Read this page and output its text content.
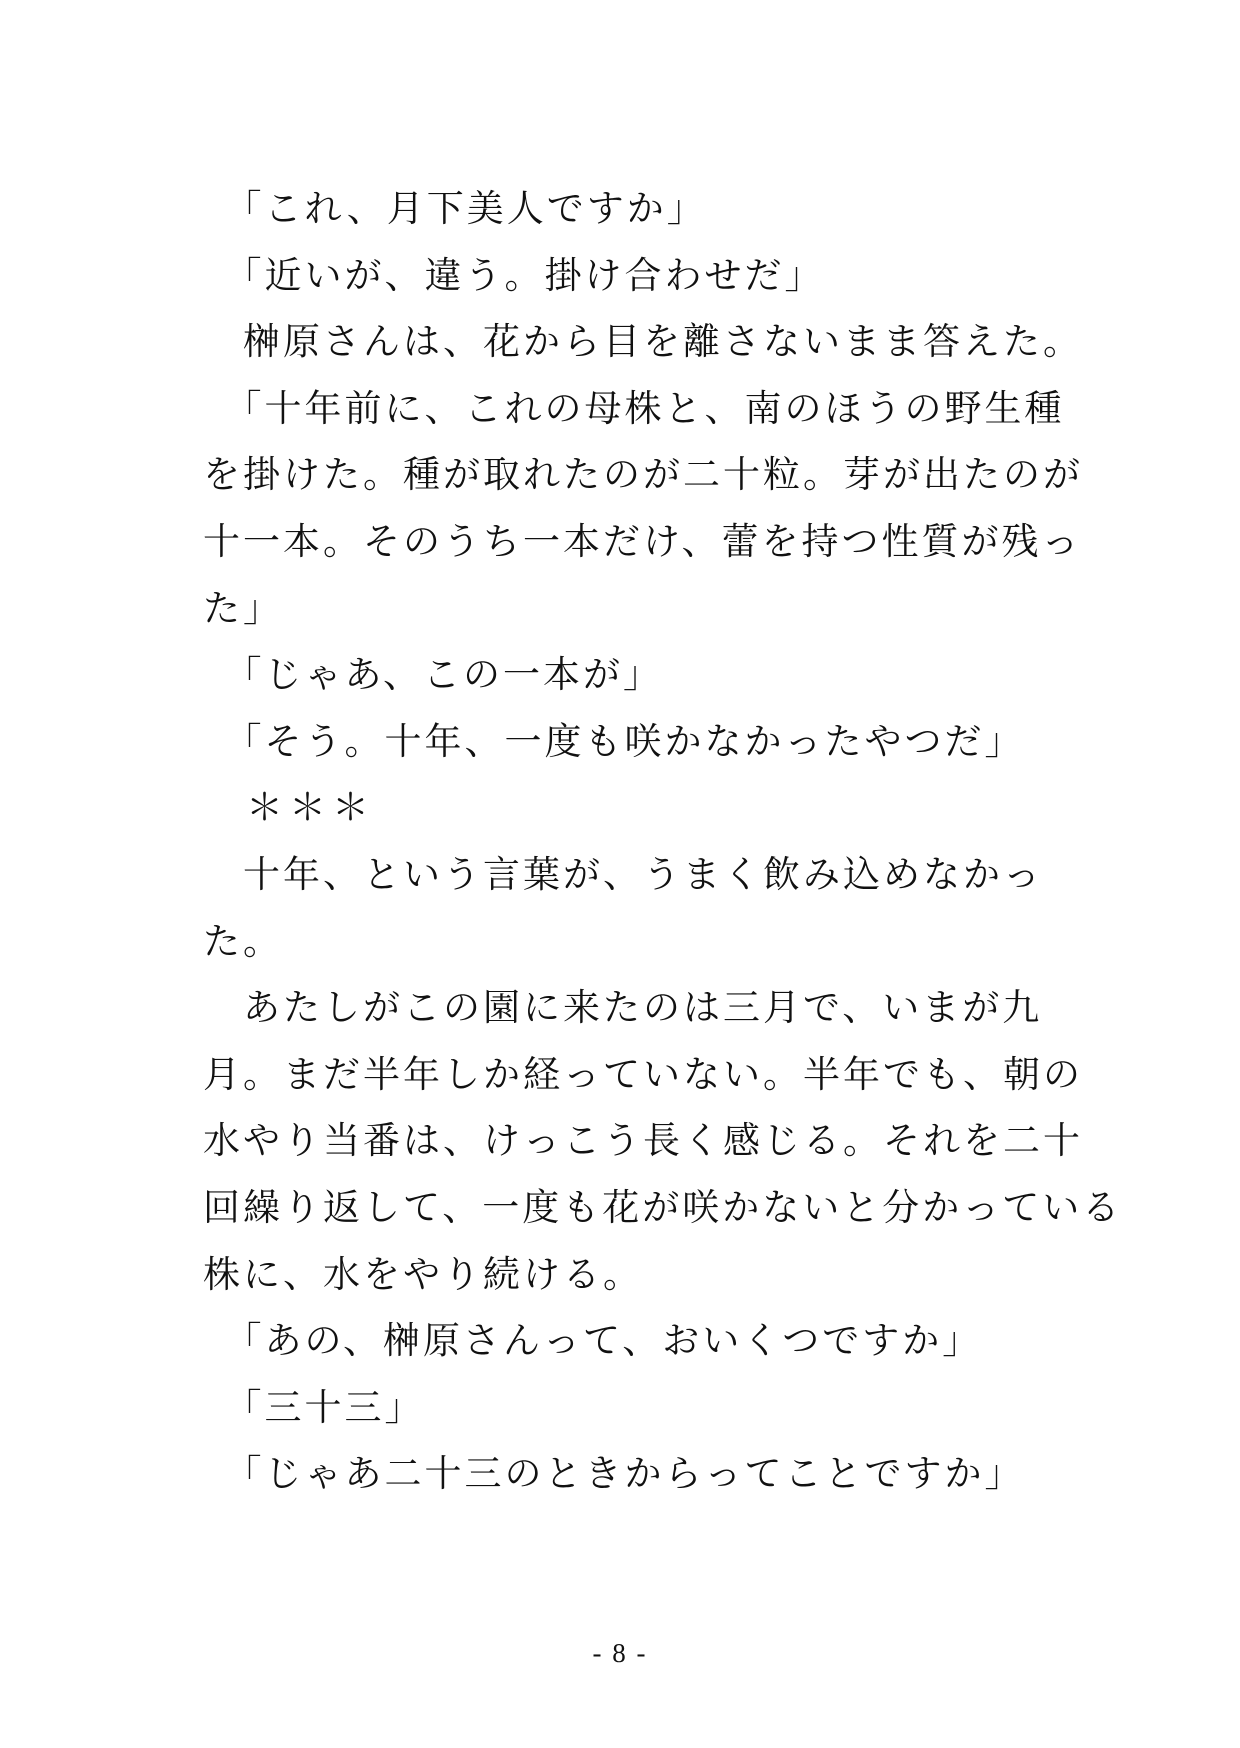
　「これ、月下美人ですか」
　「近いが、違う。掛け合わせだ」
　榊原さんは、花から目を離さないまま答えた。
　「十年前に、これの母株と、南のほうの野生種
を掛けた。種が取れたのが二十粒。芽が出たのが
十一本。そのうち一本だけ、蕾を持つ性質が残っ
た」
　「じゃあ、この一本が」
　「そう。十年、一度も咲かなかったやつだ」
　＊＊＊
　十年、という言葉が、うまく飲み込めなかっ
た。
　あたしがこの園に来たのは三月で、いまが九
月。まだ半年しか経っていない。半年でも、朝の
水やり当番は、けっこう長く感じる。それを二十
回繰り返して、一度も花が咲かないと分かっている
株に、水をやり続ける。
　「あの、榊原さんって、おいくつですか」
　「三十三」
　「じゃあ二十三のときからってことですか」
- 8 -
